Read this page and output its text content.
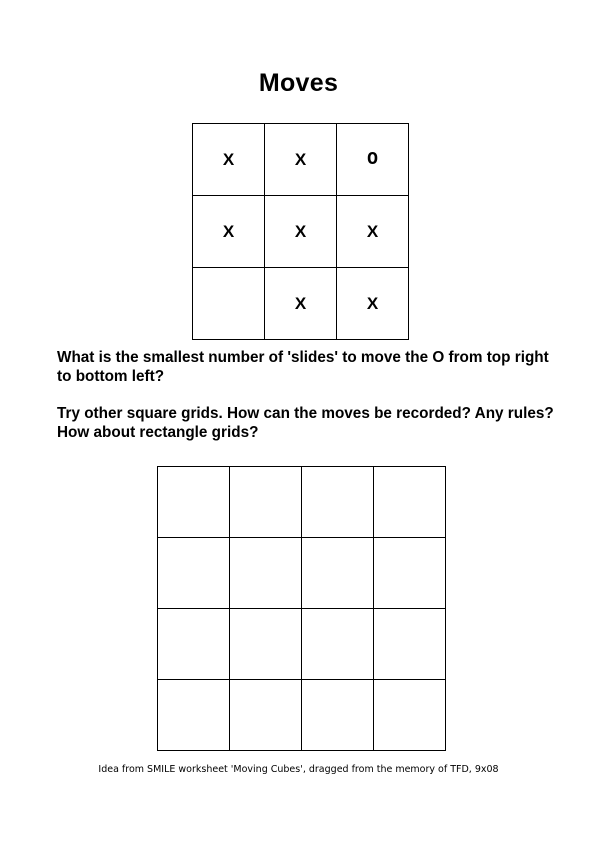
Moves
X	X	O
X	X	X
	X	X

What is the smallest number of 'slides' to move the O from top right to bottom left?

Try other square grids. How can the moves be recorded? Any rules? How about rectangle grids?

Idea from SMILE worksheet 'Moving Cubes', dragged from the memory of TFD, 9x08
